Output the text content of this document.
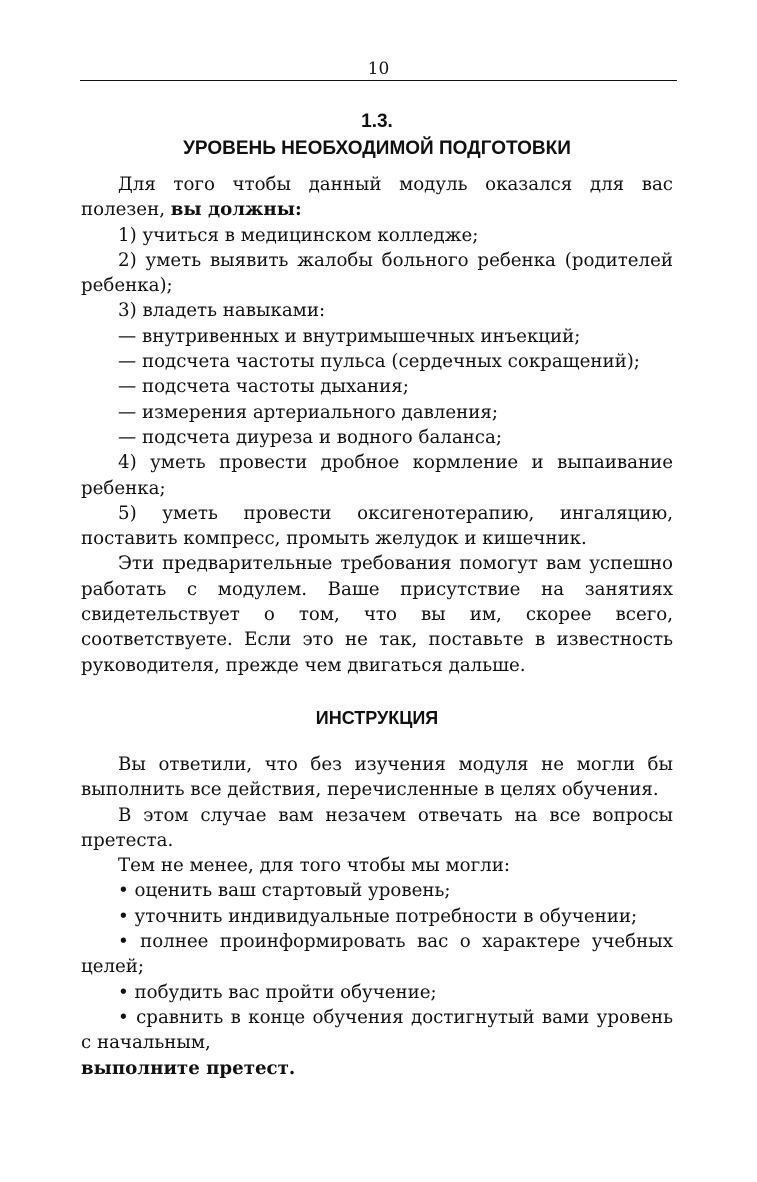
10
1.3.
УРОВЕНЬ НЕОБХОДИМОЙ ПОДГОТОВКИ

Для того чтобы данный модуль оказался для вас полезен, вы должны:

1) учиться в медицинском колледже;

2) уметь выявить жалобы больного ребенка (родителей ребенка);

3) владеть навыками:

— внутривенных и внутримышечных инъекций;

— подсчета частоты пульса (сердечных сокращений);

— подсчета частоты дыхания;

— измерения артериального давления;

— подсчета диуреза и водного баланса;

4) уметь провести дробное кормление и выпаивание ребенка;

5) уметь провести оксигенотерапию, ингаляцию, поставить компресс, промыть желудок и кишечник.

Эти предварительные требования помогут вам успешно работать с модулем. Ваше присутствие на занятиях свидетельствует о том, что вы им, скорее всего, соответствуете. Если это не так, поставьте в известность руководителя, прежде чем двигаться дальше.

ИНСТРУКЦИЯ

Вы ответили, что без изучения модуля не могли бы выполнить все действия, перечисленные в целях обучения.

В этом случае вам незачем отвечать на все вопросы претеста.

Тем не менее, для того чтобы мы могли:

• оценить ваш стартовый уровень;

• уточнить индивидуальные потребности в обучении;

• полнее проинформировать вас о характере учебных целей;

• побудить вас пройти обучение;

• сравнить в конце обучения достигнутый вами уровень с начальным,

выполните претест.
